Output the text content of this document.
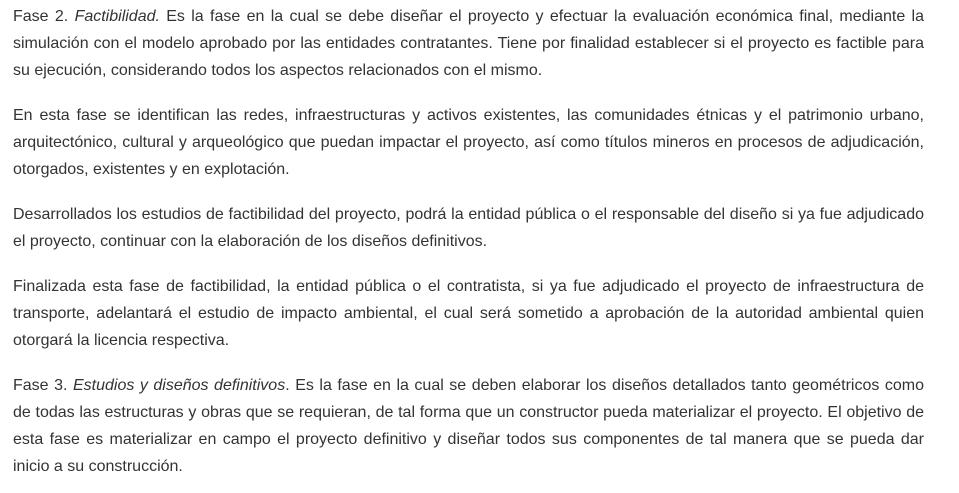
Fase 2. Factibilidad. Es la fase en la cual se debe diseñar el proyecto y efectuar la evaluación económica final, mediante la simulación con el modelo aprobado por las entidades contratantes. Tiene por finalidad establecer si el proyecto es factible para su ejecución, considerando todos los aspectos relacionados con el mismo.

En esta fase se identifican las redes, infraestructuras y activos existentes, las comunidades étnicas y el patrimonio urbano, arquitectónico, cultural y arqueológico que puedan impactar el proyecto, así como títulos mineros en procesos de adjudicación, otorgados, existentes y en explotación.

Desarrollados los estudios de factibilidad del proyecto, podrá la entidad pública o el responsable del diseño si ya fue adjudicado el proyecto, continuar con la elaboración de los diseños definitivos.

Finalizada esta fase de factibilidad, la entidad pública o el contratista, si ya fue adjudicado el proyecto de infraestructura de transporte, adelantará el estudio de impacto ambiental, el cual será sometido a aprobación de la autoridad ambiental quien otorgará la licencia respectiva.

Fase 3. Estudios y diseños definitivos. Es la fase en la cual se deben elaborar los diseños detallados tanto geométricos como de todas las estructuras y obras que se requieran, de tal forma que un constructor pueda materializar el proyecto. El objetivo de esta fase es materializar en campo el proyecto definitivo y diseñar todos sus componentes de tal manera que se pueda dar inicio a su construcción.
